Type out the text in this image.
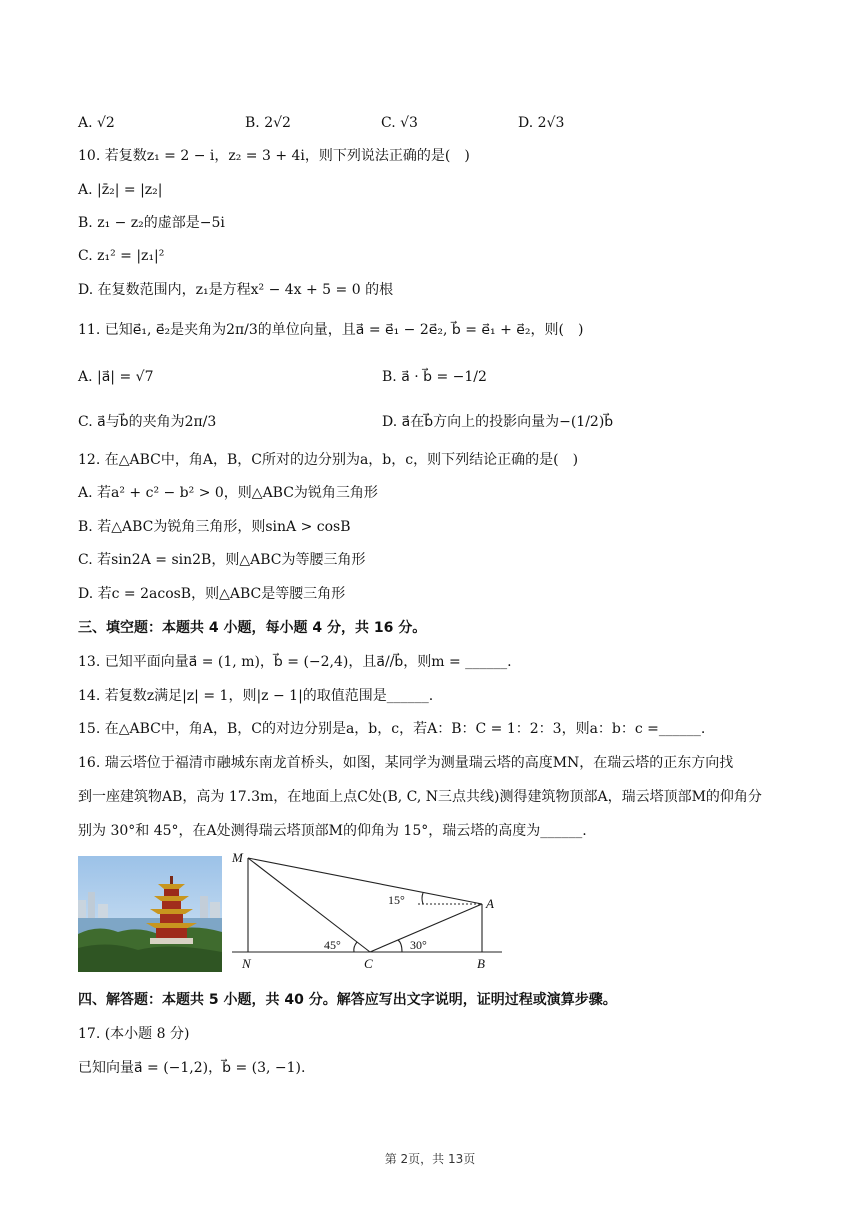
A. √2	B. 2√2	C. √3	D. 2√3
10. 若复数z₁ = 2 − i，z₂ = 3 + 4i，则下列说法正确的是(　)
A. |z̄₂| = |z₂|
B. z₁ − z₂的虚部是−5i
C. z₁² = |z₁|²
D. 在复数范围内，z₁是方程x² − 4x + 5 = 0 的根
11. 已知e⃗₁, e⃗₂是夹角为2π/3的单位向量，且a⃗ = e⃗₁ − 2e⃗₂, b⃗ = e⃗₁ + e⃗₂，则(　)
A. |a⃗| = √7	B. a⃗ · b⃗ = −1/2
C. a⃗与b⃗的夹角为2π/3	D. a⃗在b⃗方向上的投影向量为−(1/2)b⃗
12. 在△ABC中，角A，B，C所对的边分别为a，b，c，则下列结论正确的是(　)
A. 若a² + c² − b² > 0，则△ABC为锐角三角形
B. 若△ABC为锐角三角形，则sinA > cosB
C. 若sin2A = sin2B，则△ABC为等腰三角形
D. 若c = 2acosB，则△ABC是等腰三角形
三、填空题：本题共 4 小题，每小题 4 分，共 16 分。
13. 已知平面向量a⃗ = (1, m)，b⃗ = (−2,4)，且a⃗//b⃗，则m = ______.
14. 若复数z满足|z| = 1，则|z − 1|的取值范围是______.
15. 在△ABC中，角A，B，C的对边分别是a，b，c，若A：B：C = 1：2：3，则a：b：c =______.
16. 瑞云塔位于福清市融城东南龙首桥头，如图，某同学为测量瑞云塔的高度MN，在瑞云塔的正东方向找
到一座建筑物AB，高为 17.3m，在地面上点C处(B, C, N三点共线)测得建筑物顶部A，瑞云塔顶部M的仰角分
别为 30°和 45°，在A处测得瑞云塔顶部M的仰角为 15°，瑞云塔的高度为______.
M
N	C	B
A
15°
45°	30°
四、解答题：本题共 5 小题，共 40 分。解答应写出文字说明，证明过程或演算步骤。
17. (本小题 8 分)
已知向量a⃗ = (−1,2)，b⃗ = (3, −1).
第 2页，共 13页
